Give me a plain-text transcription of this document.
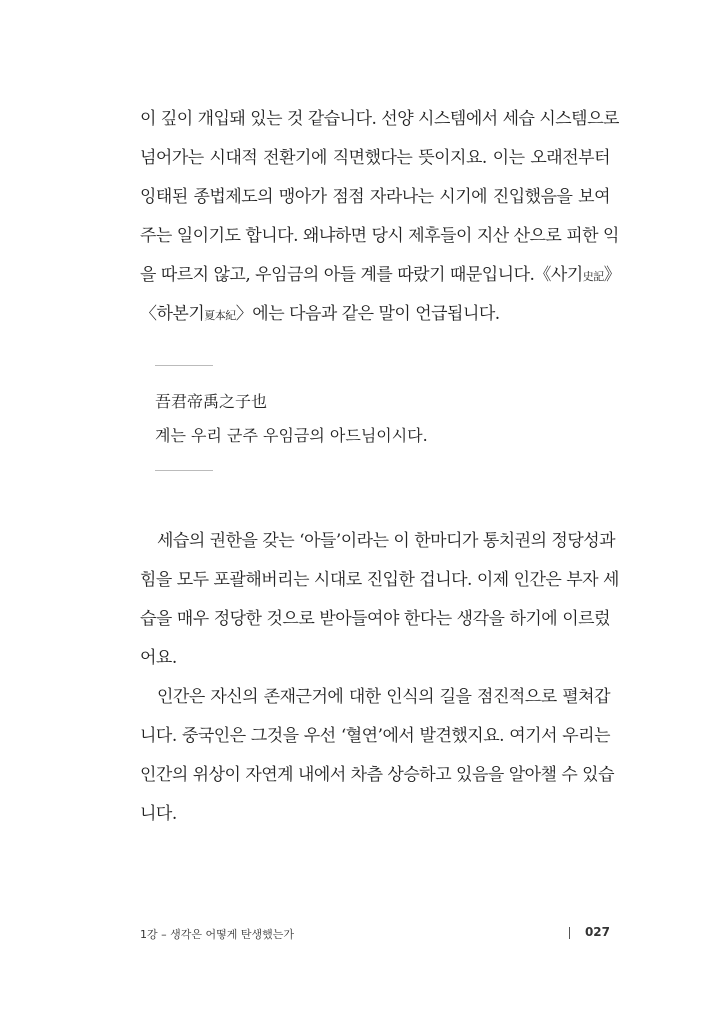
이 깊이 개입돼 있는 것 같습니다. 선양 시스템에서 세습 시스템으로
넘어가는 시대적 전환기에 직면했다는 뜻이지요. 이는 오래전부터
잉태된 종법제도의 맹아가 점점 자라나는 시기에 진입했음을 보여
주는 일이기도 합니다. 왜냐하면 당시 제후들이 지산 산으로 피한 익
을 따르지 않고, 우임금의 아들 계를 따랐기 때문입니다.《사기史記》
〈하본기夏本紀〉에는 다음과 같은 말이 언급됩니다.
吾君帝禹之子也
계는 우리 군주 우임금의 아드님이시다.
세습의 권한을 갖는 ‘아들’이라는 이 한마디가 통치권의 정당성과
힘을 모두 포괄해버리는 시대로 진입한 겁니다. 이제 인간은 부자 세
습을 매우 정당한 것으로 받아들여야 한다는 생각을 하기에 이르렀
어요.
인간은 자신의 존재근거에 대한 인식의 길을 점진적으로 펼쳐갑
니다. 중국인은 그것을 우선 ‘혈연’에서 발견했지요. 여기서 우리는
인간의 위상이 자연계 내에서 차츰 상승하고 있음을 알아챌 수 있습
니다.
1강 – 생각은 어떻게 탄생했는가	027
